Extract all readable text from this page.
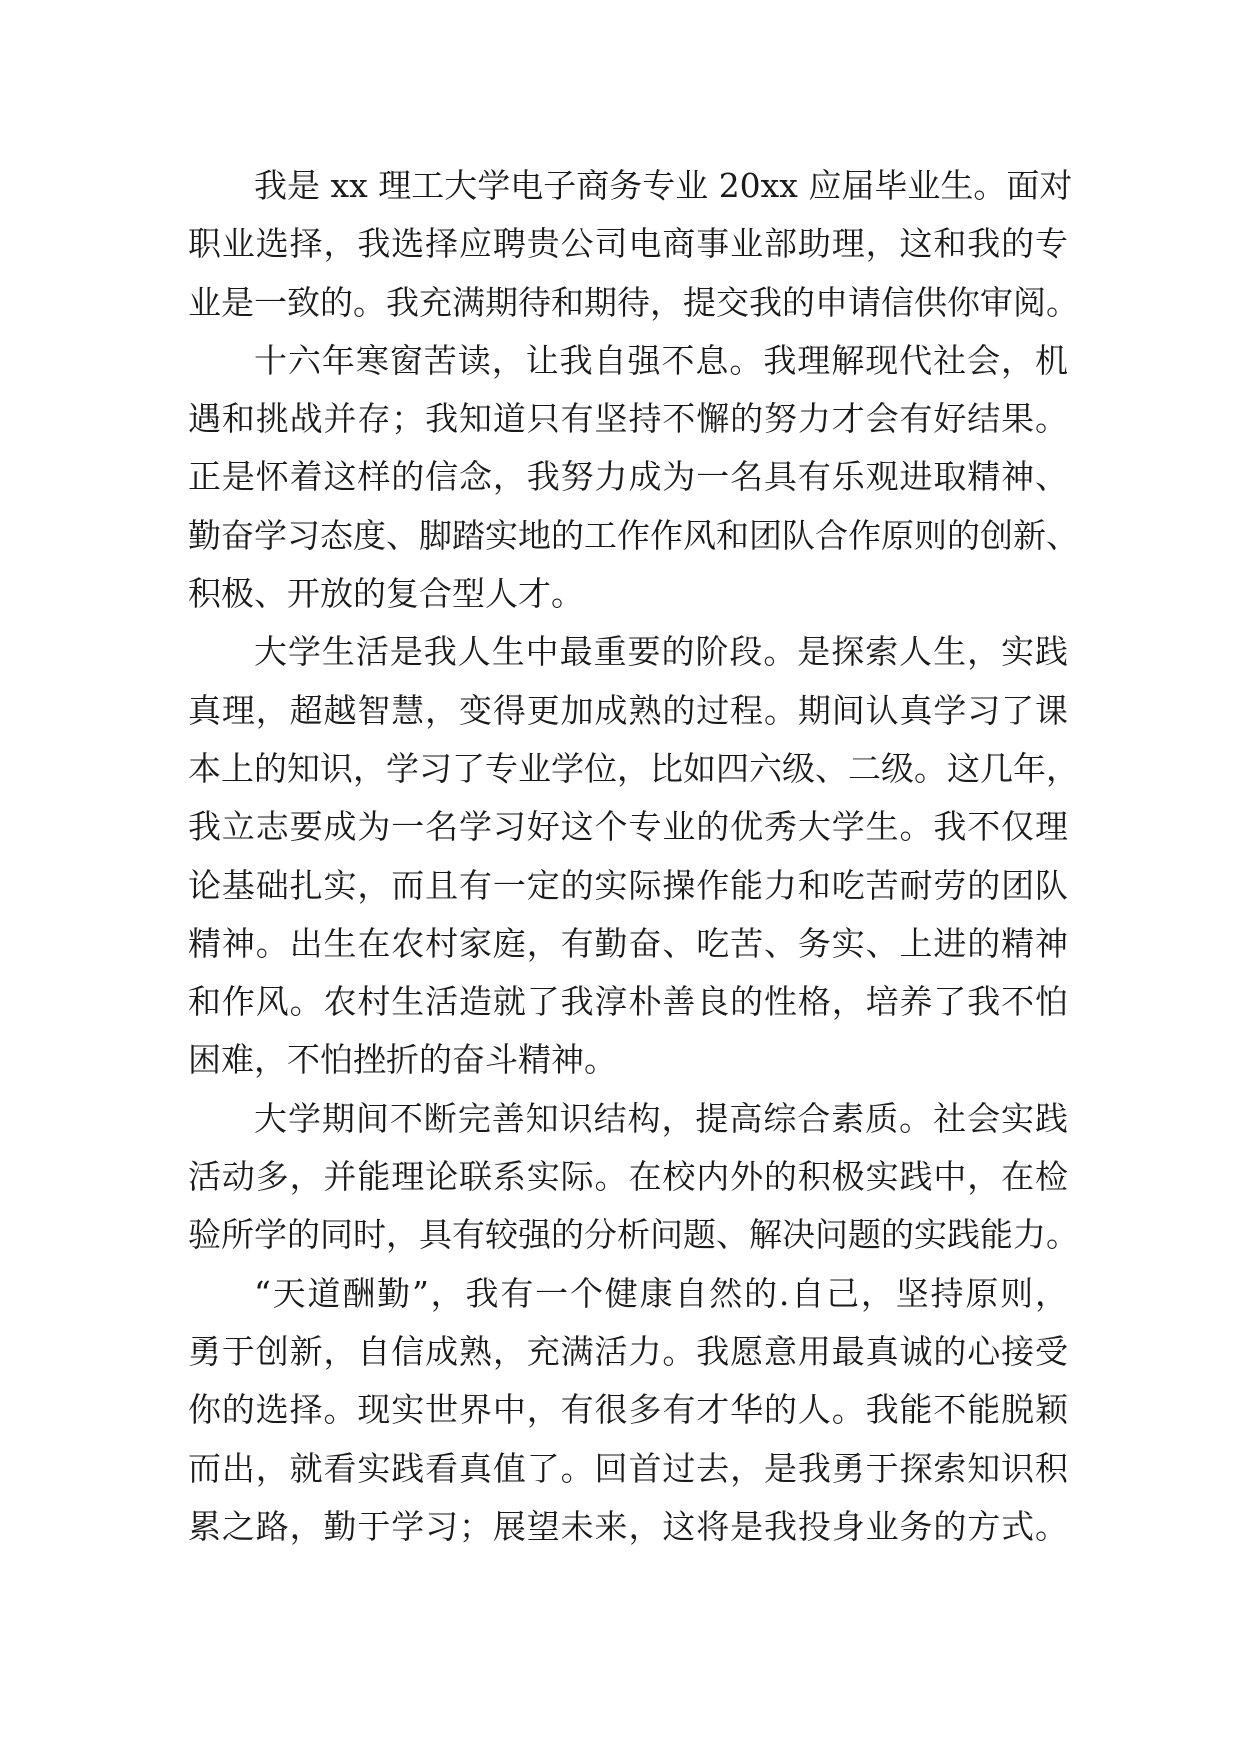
我是 xx 理工大学电子商务专业 20xx 应届毕业生。面对
职业选择，我选择应聘贵公司电商事业部助理，这和我的专
业是一致的。我充满期待和期待，提交我的申请信供你审阅。
十六年寒窗苦读，让我自强不息。我理解现代社会，机
遇和挑战并存；我知道只有坚持不懈的努力才会有好结果。
正是怀着这样的信念，我努力成为一名具有乐观进取精神、
勤奋学习态度、脚踏实地的工作作风和团队合作原则的创新、
积极、开放的复合型人才。
大学生活是我人生中最重要的阶段。是探索人生，实践
真理，超越智慧，变得更加成熟的过程。期间认真学习了课
本上的知识，学习了专业学位，比如四六级、二级。这几年，
我立志要成为一名学习好这个专业的优秀大学生。我不仅理
论基础扎实，而且有一定的实际操作能力和吃苦耐劳的团队
精神。出生在农村家庭，有勤奋、吃苦、务实、上进的精神
和作风。农村生活造就了我淳朴善良的性格，培养了我不怕
困难，不怕挫折的奋斗精神。
大学期间不断完善知识结构，提高综合素质。社会实践
活动多，并能理论联系实际。在校内外的积极实践中，在检
验所学的同时，具有较强的分析问题、解决问题的实践能力。
“天道酬勤”，我有一个健康自然的.自己，坚持原则，
勇于创新，自信成熟，充满活力。我愿意用最真诚的心接受
你的选择。现实世界中，有很多有才华的人。我能不能脱颖
而出，就看实践看真值了。回首过去，是我勇于探索知识积
累之路，勤于学习；展望未来，这将是我投身业务的方式。
